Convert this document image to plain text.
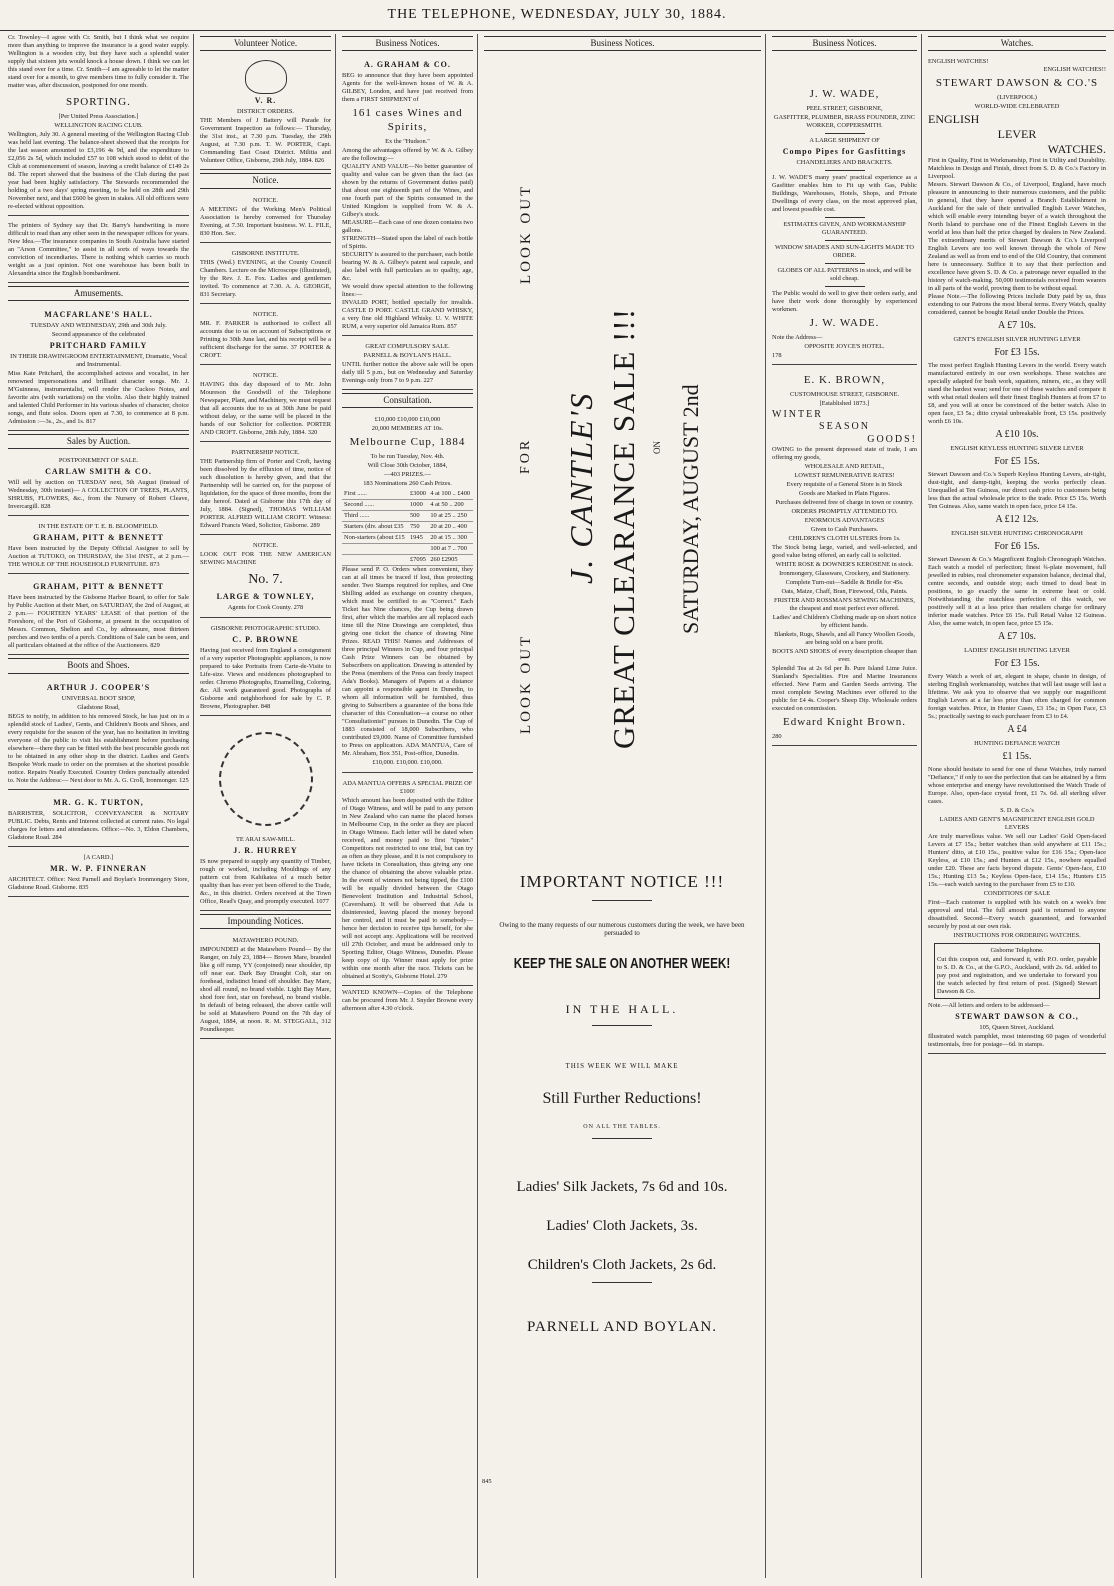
THE TELEPHONE, WEDNESDAY, JULY 30, 1884.
Cr. Townley—I agree with Cr. Smith, but I think what we require more than anything to improve the insurance is a good water supply. Wellington is a wooden city, but they have such a splendid water supply that sixteen jets would knock a house down. I think we can let this stand over for a time. Cr. Smith—I am agreeable to let the matter stand over for a month, to give members time to fully consider it. The matter was, after discussion, postponed for one month.
SPORTING.
[Per United Press Association.]
WELLINGTON RACING CLUB.
Wellington, July 30. A general meeting of the Wellington Racing Club was held last evening. The balance-sheet showed that the receipts for the last season amounted to £3,196 4s 9d, and the expenditure to £2,056 2s 5d, which included £57 to 108 which stood to debit of the Club at commencement of season, leaving a credit balance of £149 2s 8d. The report showed that the business of the Club during the past year had been highly satisfactory. The Stewards recommended the holding of a two days' spring meeting, to be held on 28th and 29th November next, and that £600 be given in stakes. All old officers were re-elected without opposition.
The printers of Sydney say that Dr. Barry's handwriting is more difficult to read than any other seen in the newspaper offices for years. New Idea.—The insurance companies in South Australia have started an "Arson Committee," to assist in all sorts of ways towards the conviction of incendiaries. There is nothing which carries so much weight as a just opinion. Not one warehouse has been built in Alexandria since the English bombardment.
Amusements.
MACFARLANE'S HALL.
TUESDAY AND WEDNESDAY, 29th and 30th July.
Second appearance of the celebrated
PRITCHARD FAMILY
IN THEIR DRAWINGROOM ENTERTAINMENT, Dramatic, Vocal and Instrumental.
Miss Kate Pritchard, the accomplished actress and vocalist, in her renowned impersonations and brilliant character songs. Mr. J. M'Guinness, instrumentalist, will render the Cuckoo Notes, and favorite airs (with variations) on the violin. Also their highly trained and talented Child Performer in his various shades of character, choice songs, and flute solos. Doors open at 7.30, to commence at 8 p.m. Admission :—3s., 2s., and 1s. 817
Sales by Auction.
POSTPONEMENT OF SALE.
CARLAW SMITH & CO.
Will sell by auction on TUESDAY next, 5th August (instead of Wednesday, 30th instant)— A COLLECTION OF TREES, PLANTS, SHRUBS, FLOWERS, &c., from the Nursery of Robert Cleave, Invercargill. 828
IN THE ESTATE OF T. E. B. BLOOMFIELD.
GRAHAM, PITT & BENNETT
Have been instructed by the Deputy Official Assignee to sell by Auction at TUTOKO, on THURSDAY, the 31st INST., at 2 p.m.— THE WHOLE OF THE HOUSEHOLD FURNITURE. 873
GRAHAM, PITT & BENNETT
Have been instructed by the Gisborne Harbor Board, to offer for Sale by Public Auction at their Mart, on SATURDAY, the 2nd of August, at 2 p.m.— FOURTEEN YEARS' LEASE of that portion of the Foreshore, of the Port of Gisborne, at present in the occupation of Messrs. Common, Shelton and Co., by admeasure, most thirteen perches and two tenths of a perch. Conditions of Sale can be seen, and all particulars obtained at the office of the Auctioneers. 829
Boots and Shoes.
ARTHUR J. COOPER'S
UNIVERSAL BOOT SHOP,
Gladstone Road,
BEGS to notify, in addition to his removed Stock, he has just on in a splendid stock of Ladies', Gents, and Children's Boots and Shoes, and every requisite for the season of the year, has no hesitation in inviting everyone of the public to visit his establishment before purchasing elsewhere—there they can be fitted with the best procurable goods not to be obtained in any other shop in the district. Ladies and Gent's Bespoke Work made to order on the premises at the shortest possible notice. Repairs Neatly Executed. Country Orders punctually attended to. Note the Address:— Next door to Mr. A. G. Croll, Ironmonger. 125
MR. G. K. TURTON,
BARRISTER, SOLICITOR, CONVEYANCER & NOTARY PUBLIC. Debts, Rents and Interest collected at current rates. No legal charges for letters and attendances. Office:—No. 3, Eldon Chambers, Gladstone Road. 284
[A CARD.]
MR. W. P. FINNERAN
ARCHITECT. Office: Next Parnell and Boylan's Ironmongery Store, Gladstone Road. Gisborne. 835
Volunteer Notice.
V. R.
DISTRICT ORDERS.
THE Members of J Battery will Parade for Government Inspection as follows:— Thursday, the 31st inst., at 7.30 p.m. Tuesday, the 29th August, at 7.30 p.m. T. W. PORTER, Capt. Commanding East Coast District. Militia and Volunteer Office, Gisborne, 29th July, 1884. 826
Notice.
NOTICE.
A MEETING of the Working Men's Political Association is hereby convened for Thursday Evening, at 7.30. Important business. W. L. FILE, 830 Hon. Sec.
GISBORNE INSTITUTE.
THIS (Wed.) EVENING, at the County Council Chambers. Lecture on the Microscope (illustrated), by the Rev. J. E. Fox. Ladies and gentlemen invited. To commence at 7.30. A. A. GEORGE, 831 Secretary.
NOTICE.
MR. F. PARKER is authorised to collect all accounts due to us on account of Subscriptions or Printing to 30th June last, and his receipt will be a sufficient discharge for the same. 37 PORTER & CROFT.
NOTICE.
HAVING this day disposed of to Mr. John Moureson the Goodwill of the Telephone Newspaper, Plant, and Machinery, we must request that all accounts due to us at 30th June be paid without delay, or the same will be placed in the hands of our Solicitor for collection. PORTER AND CROFT. Gisborne, 28th July, 1884. 320
PARTNERSHIP NOTICE.
THE Partnership firm of Porter and Croft, having been dissolved by the effluxion of time, notice of such dissolution is hereby given, and that the Partnership will be carried on, for the purpose of liquidation, for the space of three months, from the date hereof. Dated at Gisborne this 17th day of July, 1884. (Signed), THOMAS WILLIAM PORTER. ALFRED WILLIAM CROFT. Witness: Edward Francis Ward, Solicitor, Gisborne. 289
NOTICE.
LOOK OUT FOR THE NEW AMERICAN SEWING MACHINE
No. 7.
LARGE & TOWNLEY,
Agents for Cook County. 278
GISBORNE PHOTOGRAPHIC STUDIO.
C. P. BROWNE
Having just received from England a consignment of a very superior Photographic appliances, is now prepared to take Portraits from Carte-de-Visite to Life-size. Views and residences photographed to order. Chromo Photographs, Enamelling, Coloring, &c. All work guaranteed good. Photographs of Gisborne and neighborhood for sale by C. P. Browne, Photographer. 848
TE ARAI SAW-MILL.
J. R. HURREY
IS now prepared to supply any quantity of Timber, rough or worked, including Mouldings of any pattern cut from Kahikatea of a much better quality than has ever yet been offered to the Trade, &c., in this district. Orders received at the Town Office, Read's Quay, and promptly executed. 1077
Impounding Notices.
MATAWHERO POUND.
IMPOUNDED at the Matawhero Pound— By the Ranger, on July 23, 1884— Brown Mare, branded like g off rump, YY (conjoined) near shoulder, tip off near ear. Dark Bay Draught Colt, star on forehead, indistinct brand off shoulder. Bay Mare, shod all round, no brand visible. Light Bay Mare, shod fore feet, star on forehead, no brand visible. In default of being released, the above cattle will be sold at Matawhero Pound on the 7th day of August, 1884, at noon. R. M. STEGGALL, 312 Poundkeeper.
Business Notices.
A. GRAHAM & CO.
BEG to announce that they have been appointed Agents for the well-known house of W. & A. GILBEY, London, and have just received from them a FIRST SHIPMENT of
161 cases Wines and Spirits,
Ex the "Hudson."
Among the advantages offered by W. & A. Gilbey are the following:—
QUALITY AND VALUE—No better guarantee of quality and value can be given than the fact (as shown by the returns of Government duties paid) that about one eighteenth part of the Wines, and one fourth part of the Spirits consumed in the United Kingdom is supplied from W. & A. Gilbey's stock.
MEASURE—Each case of one dozen contains two gallons.
STRENGTH—Stated upon the label of each bottle of Spirits.
SECURITY is assured to the purchaser, each bottle bearing W. & A. Gilbey's patent seal capsule, and also label with full particulars as to quality, age, &c.
We would draw special attention to the following lines:—
INVALID PORT, bottled specially for invalids. CASTLE D PORT. CASTLE GRAND WHISKY, a very fine old Highland Whisky. U. V. WHITE RUM, a very superior old Jamaica Rum. 857
GREAT COMPULSORY SALE.
PARNELL & BOYLAN'S HALL.
UNTIL further notice the above sale will be open daily till 5 p.m., but on Wednesday and Saturday Evenings only from 7 to 9 p.m. 227
Consultation.
£10,000 £10,000 £10,000
20,000 MEMBERS AT 10s.
Melbourne Cup, 1884
To be run Tuesday, Nov. 4th.
Will Close 30th October, 1884,
—403 PRIZES.—
183 Nominations 260 Cash Prizes.
First ......	£3000	4 at 100 .. £400
Second ......	1000	4 at 50 .. 200
Third ......	500	10 at 25 .. 250
Starters (div. about £35	750	20 at 20 .. 400
Non-starters (about £15	1945	20 at 15 .. 300
		100 at 7 .. 700
	£7095	260 £2905
Please send P. O. Orders when convenient, they can at all times be traced if lost, thus protecting sender. Two Stamps required for replies, and One Shilling added as exchange on country cheques, which must be certified to as "Correct." Each Ticket has Nine chances, the Cup being drawn first, after which the marbles are all replaced each time till the Nine Drawings are completed, thus giving one ticket the chance of drawing Nine Prizes. READ THIS! Names and Addresses of three principal Winners in Cup, and four principal Cash Prize Winners can be obtained by Subscribers on application. Drawing is attended by the Press (members of the Press can freely inspect Ada's Books). Managers of Papers at a distance can appoint a responsible agent in Dunedin, to whom all information will be furnished, thus giving to Subscribers a guarantee of the bona fide character of this Consultation—a course no other "Consultationist" pursues in Dunedin. The Cup of 1883 consisted of 18,000 Subscribers, who contributed £9,000. Name of Committee furnished to Press on application. ADA MANTUA, Care of Mr. Abraham, Box 351, Post-office, Dunedin.
£10,000. £10,000. £10,000.
ADA MANTUA OFFERS A SPECIAL PRIZE OF £100!
Which amount has been deposited with the Editor of Otago Witness, and will be paid to any person in New Zealand who can name the placed horses in Melbourne Cup, in the order as they are placed in Otago Witness. Each letter will be dated when received, and money paid to first "tipster." Competitors not restricted to one trial, but can try as often as they please, and it is not compulsory to have tickets in Consultation, thus giving any one the chance of obtaining the above valuable prize. In the event of winners not being tipped, the £100 will be equally divided between the Otago Benevolent Institution and Industrial School, (Caversham). It will be observed that Ada is disinterested, leaving placed the money beyond her control, and it must be paid to somebody—hence her decision to receive tips herself, for she will not accept any. Applications will be received till 27th October, and must be addressed only to Sporting Editor, Otago Witness, Dunedin. Please keep copy of tip. Winner must apply for prize within one month after the race. Tickets can be obtained at Scotty's, Gisborne Hotel. 279
WANTED KNOWN—Copies of the Telephone can be procured from Mr. J. Snyder Browne every afternoon after 4.30 o'clock.
Business Notices.
LOOK OUT
LOOK OUT
FOR J. CANTLE'S GREAT CLEARANCE SALE !!! ON SATURDAY, AUGUST 2nd
IMPORTANT NOTICE !!!
Owing to the many requests of our numerous customers during the week, we have been persuaded to
KEEP THE SALE ON ANOTHER WEEK!
IN THE HALL.
THIS WEEK WE WILL MAKE
Still Further Reductions!
ON ALL THE TABLES.
Ladies' Silk Jackets, 7s 6d and 10s.
Ladies' Cloth Jackets, 3s.
Children's Cloth Jackets, 2s 6d.
PARNELL AND BOYLAN.
845
Business Notices.
J. W. WADE,
PEEL STREET, GISBORNE,
GASFITTER, PLUMBER, BRASS FOUNDER, ZINC WORKER, COPPERSMITH.
A LARGE SHIPMENT OF
Compo Pipes for Gasfittings
CHANDELIERS AND BRACKETS.
J. W. WADE'S many years' practical experience as a Gasfitter enables him to Fit up with Gas, Public Buildings, Warehouses, Hotels, Shops, and Private Dwellings of every class, on the most approved plan, and lowest possible cost.
ESTIMATES GIVEN, AND WORKMANSHIP GUARANTEED.
WINDOW SHADES AND SUN-LIGHTS MADE TO ORDER.
GLOBES OF ALL PATTERNS in stock, and will be sold cheap.
The Public would do well to give their orders early, and have their work done thoroughly by experienced workmen.
J. W. WADE.
Note the Address—
OPPOSITE JOYCE'S HOTEL.
178
E. K. BROWN,
CUSTOMHOUSE STREET, GISBORNE.
[Established 1873.]
WINTER
SEASON
GOODS!
OWING to the present depressed state of trade, I am offering my goods,
WHOLESALE AND RETAIL,
LOWEST REMUNERATIVE RATES!
Every requisite of a General Store is in Stock
Goods are Marked in Plain Figures.
Purchases delivered free of charge in town or country.
ORDERS PROMPTLY ATTENDED TO.
ENORMOUS ADVANTAGES
Given to Cash Purchasers.
CHILDREN'S CLOTH ULSTERS from 1s.
The Stock being large, varied, and well-selected, and good value being offered, an early call is solicited.
WHITE ROSE & DOWNER'S KEROSENE in stock.
Ironmongery, Glassware, Crockery, and Stationery.
Complete Turn-out—Saddle & Bridle for 45s.
Oats, Maize, Chaff, Bran, Firewood, Oils, Paints.
FRISTER AND ROSSMAN'S SEWING MACHINES, the cheapest and most perfect ever offered.
Ladies' and Children's Clothing made up on short notice by efficient hands.
Blankets, Rugs, Shawls, and all Fancy Woollen Goods, are being sold on a bare profit.
BOOTS AND SHOES of every description cheaper than ever.
Splendid Tea at 2s 6d per lb. Pure Island Lime Juice. Stanland's Specialities. Fire and Marine Insurances effected. New Farm and Garden Seeds arriving. The most complete Sewing Machines ever offered to the public for £4 4s. Cooper's Sheep Dip. Wholesale orders executed on commission.
Edward Knight Brown.
280
Watches.
ENGLISH WATCHES!
ENGLISH WATCHES!!
STEWART DAWSON & CO.'S
(LIVERPOOL)
WORLD-WIDE CELEBRATED
ENGLISH
LEVER
WATCHES.
First in Quality, First in Workmanship, First in Utility and Durability. Matchless in Design and Finish, direct from S. D. & Co.'s Factory in Liverpool.
Messrs. Stewart Dawson & Co., of Liverpool, England, have much pleasure in announcing to their numerous customers, and the public in general, that they have opened a Branch Establishment in Auckland for the sale of their unrivalled English Lever Watches, which will enable every intending buyer of a watch throughout the North Island to purchase one of the Finest English Levers in the world at less than half the price charged by dealers in New Zealand. The extraordinary merits of Stewart Dawson & Co.'s Liverpool English Levers are too well known through the whole of New Zealand as well as from end to end of the Old Country, that comment here is unnecessary. Suffice it to say that their perfection and excellence have given S. D. & Co. a patronage never equalled in the history of watch-making. 50,000 testimonials received from wearers in all parts of the world, proving them to be without equal.
Please Note.—The following Prices include Duty paid by us, thus extending to our Patrons the most liberal terms. Every Watch, quality considered, cannot be bought Retail under Double the Prices.
A £7 10s.
GENT'S ENGLISH SILVER HUNTING LEVER
For £3 15s.
The most perfect English Hunting Levers in the world. Every watch manufactured entirely in our own workshops. These watches are specially adapted for bush work, squatters, miners, etc., as they will stand the hardest wear; send for one of these watches and compare it with what retail dealers sell their finest English Hunters at from £7 to £8, and you will at once be convinced of the better watch. Also in open face, £3 5s.; ditto crystal unbreakable front, £3 15s. positively worth £6 10s.
A £10 10s.
ENGLISH KEYLESS HUNTING SILVER LEVER
For £5 15s.
Stewart Dawson and Co.'s Superb Keyless Hunting Levers, air-tight, dust-tight, and damp-tight, keeping the works perfectly clean. Unequalled at Ten Guineas, our direct cash price to customers being less than the actual wholesale price to the trade. Price £5 15s. Worth Ten Guineas. Also, same watch in open face, price £4 15s.
A £12 12s.
ENGLISH SILVER HUNTING CHRONOGRAPH
For £6 15s.
Stewart Dawson & Co.'s Magnificent English Chronograph Watches. Each watch a model of perfection; finest ¾-plate movement, full jewelled in rubies, real chronometer expansion balance, decimal dial, centre seconds, and outside stop; each timed to dead beat in positions, to go exactly the same in extreme heat or cold. Notwithstanding the matchless perfection of this watch, we positively sell it at a less price than retailers charge for ordinary inferior made watches. Price £6 15s. Full Retail Value 12 Guineas. Also, the same watch, in open face, price £5 15s.
A £7 10s.
LADIES' ENGLISH HUNTING LEVER
For £3 15s.
Every Watch a work of art, elegant in shape, chaste in design, of sterling English workmanship, watches that will last usage will last a lifetime. We ask you to observe that we supply our magnificent English Levers at a far less price than often charged for common foreign watches. Price, in Hunter Cases, £3 15s.; in Open Face, £3 5s.; practically saving to each purchaser from £3 to £4.
A £4
HUNTING DEFIANCE WATCH
£1 15s.
None should hesitate to send for one of these Watches, truly named "Defiance," if only to see the perfection that can be attained by a firm whose enterprise and energy have revolutionised the Watch Trade of Europe. Also, open-face crystal front, £1 7s. 6d. all sterling silver cases.
S. D. & Co.'s
LADIES AND GENT'S MAGNIFICENT ENGLISH GOLD LEVERS
Are truly marvellous value. We sell our Ladies' Gold Open-faced Levers at £7 15s.; better watches than sold anywhere at £11 15s.; Hunters' ditto, at £10 15s., positive value for £16 15s.; Open-face Keyless, at £10 15s.; and Hunters at £12 15s., nowhere equalled under £20. These are facts beyond dispute. Gents' Open-face, £10 15s.; Hunting £13 5s.; Keyless Open-face, £14 15s.; Hunters £15 15s.—each watch saving to the purchaser from £5 to £10.
CONDITIONS OF SALE
First—Each customer is supplied with his watch on a week's free approval and trial. The full amount paid is returned to anyone dissatisfied. Second—Every watch guaranteed, and forwarded securely by post at our own risk.
INSTRUCTIONS FOR ORDERING WATCHES.
Gisborne Telephone.
Cut this coupon out, and forward it, with P.O. order, payable to S. D. & Co., at the G.P.O., Auckland, with 2s. 6d. added to pay post and registration, and we undertake to forward you the watch selected by first return of post. (Signed) Stewart Dawson & Co.
Note.—All letters and orders to be addressed—
STEWART DAWSON & CO.,
105, Queen Street, Auckland.
Illustrated watch pamphlet, most interesting 60 pages of wonderful testimonials, free for postage—6d. in stamps.
